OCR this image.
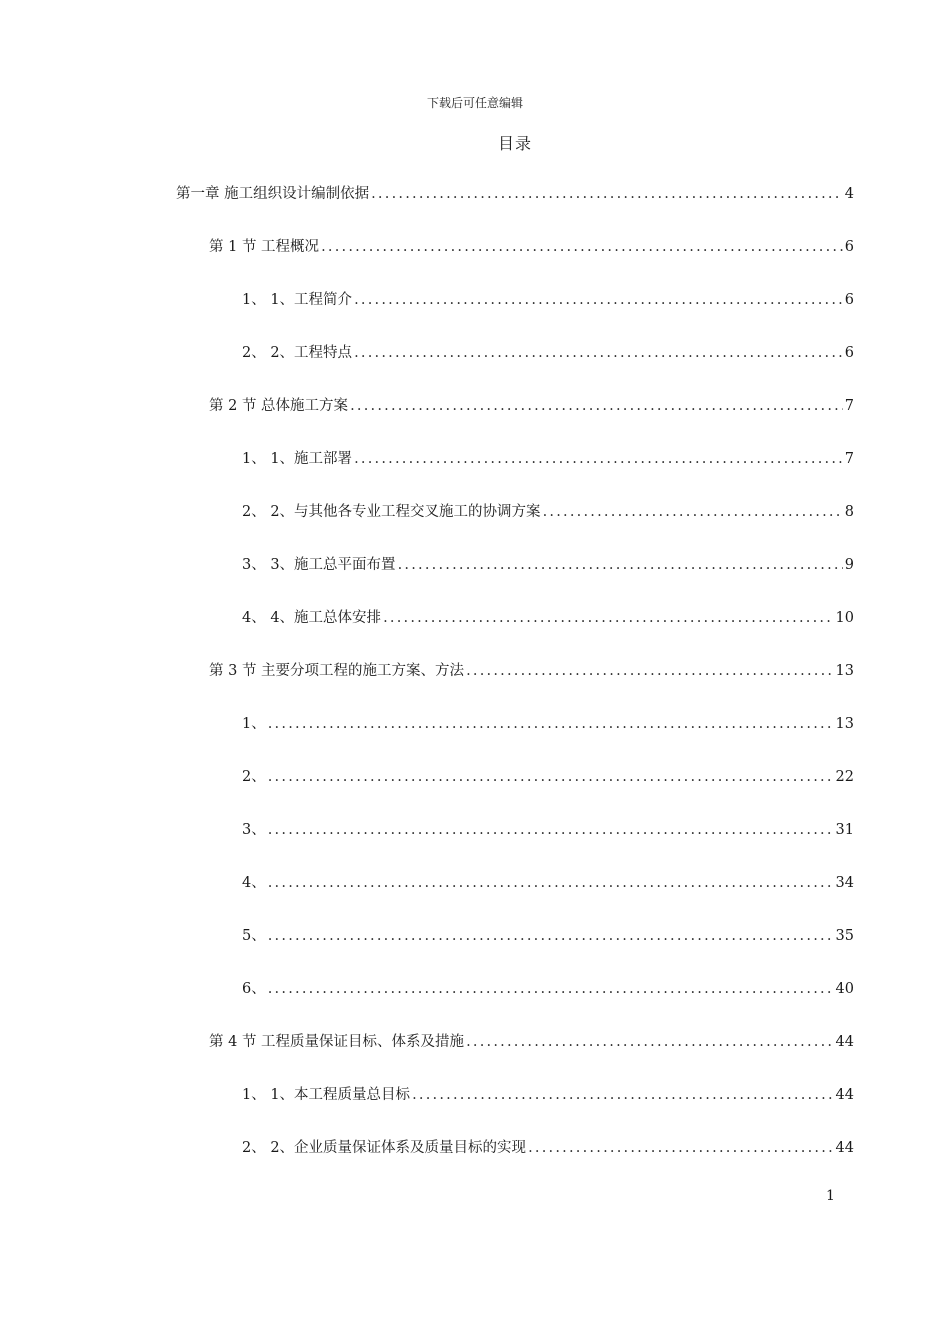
下载后可任意编辑
目录
第一章 施工组织设计编制依据 . . .	4
第 1 节 工程概况 . . .	6
1、 1、工程简介 . . .	6
2、 2、工程特点 . . .	6
第 2 节 总体施工方案 . . .	7
1、 1、施工部署 . . .	7
2、 2、与其他各专业工程交叉施工的协调方案 . . .	8
3、 3、施工总平面布置 . . .	9
4、 4、施工总体安排 . . .	10
第 3 节 主要分项工程的施工方案、方法 . . .	13
1、 . . .	13
2、 . . .	22
3、 . . .	31
4、 . . .	34
5、 . . .	35
6、 . . .	40
第 4 节 工程质量保证目标、体系及措施 . . .	44
1、 1、本工程质量总目标 . . .	44
2、 2、企业质量保证体系及质量目标的实现 . . .	44
1
